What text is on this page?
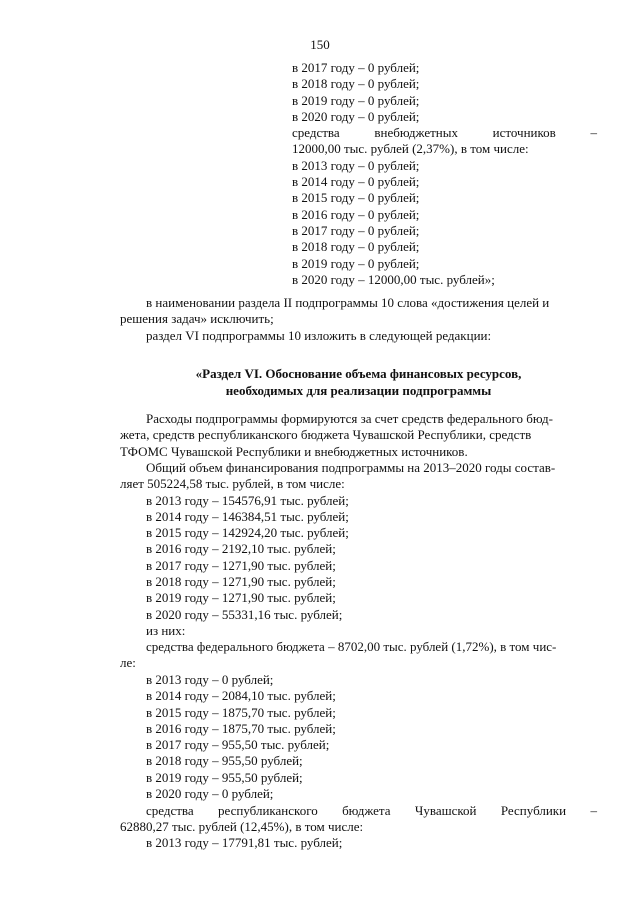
150
в 2017 году – 0 рублей;
в 2018 году – 0 рублей;
в 2019 году – 0 рублей;
в 2020 году – 0 рублей;
средства	внебюджетных	источников	–
12000,00 тыс. рублей (2,37%), в том числе:
в 2013 году – 0 рублей;
в 2014 году – 0 рублей;
в 2015 году – 0 рублей;
в 2016 году – 0 рублей;
в 2017 году – 0 рублей;
в 2018 году – 0 рублей;
в 2019 году – 0 рублей;
в 2020 году – 12000,00 тыс. рублей»;
в наименовании раздела II подпрограммы 10 слова «достижения целей и
решения задач» исключить;
раздел VI подпрограммы 10 изложить в следующей редакции:
«Раздел VI. Обоснование объема финансовых ресурсов,
необходимых для реализации подпрограммы
Расходы подпрограммы формируются за счет средств федерального бюд-
жета, средств республиканского бюджета Чувашской Республики, средств
ТФОМС Чувашской Республики и внебюджетных источников.
Общий объем финансирования подпрограммы на 2013–2020 годы состав-
ляет 505224,58 тыс. рублей, в том числе:
в 2013 году – 154576,91 тыс. рублей;
в 2014 году – 146384,51 тыс. рублей;
в 2015 году – 142924,20 тыс. рублей;
в 2016 году – 2192,10 тыс. рублей;
в 2017 году – 1271,90 тыс. рублей;
в 2018 году – 1271,90 тыс. рублей;
в 2019 году – 1271,90 тыс. рублей;
в 2020 году – 55331,16 тыс. рублей;
из них:
средства федерального бюджета – 8702,00 тыс. рублей (1,72%), в том чис-
ле:
в 2013 году – 0 рублей;
в 2014 году – 2084,10 тыс. рублей;
в 2015 году – 1875,70 тыс. рублей;
в 2016 году – 1875,70 тыс. рублей;
в 2017 году – 955,50 тыс. рублей;
в 2018 году – 955,50 рублей;
в 2019 году – 955,50 рублей;
в 2020 году – 0 рублей;
средства республиканского бюджета Чувашской Республики –
62880,27 тыс. рублей (12,45%), в том числе:
в 2013 году – 17791,81 тыс. рублей;
